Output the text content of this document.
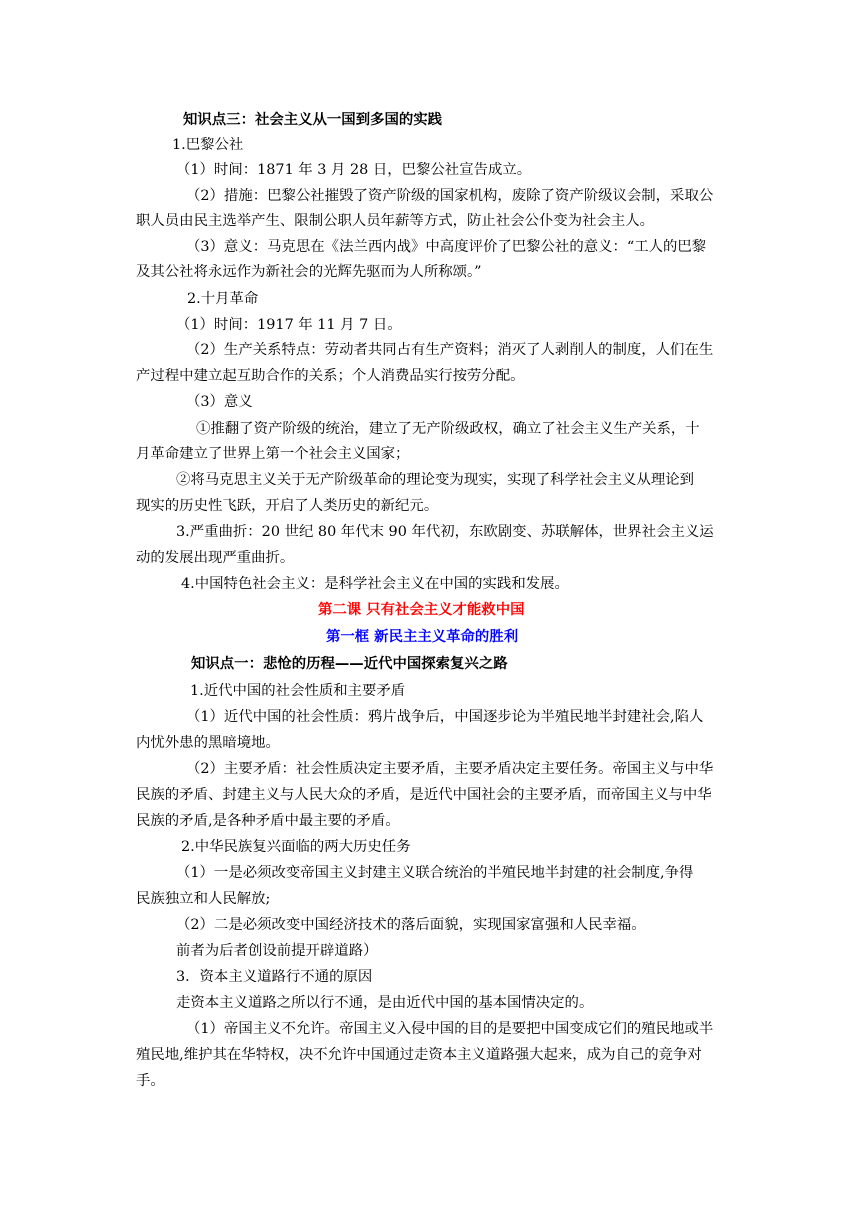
知识点三：社会主义从一国到多国的实践
1.巴黎公社
（1）时间：1871 年 3 月 28 日，巴黎公社宣告成立。
（2）措施：巴黎公社摧毁了资产阶级的国家机构，废除了资产阶级议会制，采取公
职人员由民主选举产生、限制公职人员年薪等方式，防止社会公仆变为社会主人。
（3）意义：马克思在《法兰西内战》中高度评价了巴黎公社的意义：“工人的巴黎
及其公社将永远作为新社会的光辉先驱而为人所称颂。”
2.十月革命
（1）时间：1917 年 11 月 7 日。
（2）生产关系特点：劳动者共同占有生产资料；消灭了人剥削人的制度，人们在生
产过程中建立起互助合作的关系；个人消费品实行按劳分配。
（3）意义
①推翻了资产阶级的统治，建立了无产阶级政权，确立了社会主义生产关系，十
月革命建立了世界上第一个社会主义国家；
②将马克思主义关于无产阶级革命的理论变为现实，实现了科学社会主义从理论到
现实的历史性飞跃，开启了人类历史的新纪元。
3.严重曲折：20 世纪 80 年代末 90 年代初，东欧剧变、苏联解体，世界社会主义运
动的发展出现严重曲折。
4.中国特色社会主义：是科学社会主义在中国的实践和发展。
第二课 只有社会主义才能救中国
第一框 新民主主义革命的胜利
知识点一：悲怆的历程——近代中国探索复兴之路
1.近代中国的社会性质和主要矛盾
（1）近代中国的社会性质：鸦片战争后，中国逐步论为半殖民地半封建社会,陷人
内忧外患的黑暗境地。
（2）主要矛盾：社会性质决定主要矛盾，主要矛盾决定主要任务。帝国主义与中华
民族的矛盾、封建主义与人民大众的矛盾，是近代中国社会的主要矛盾，而帝国主义与中华
民族的矛盾,是各种矛盾中最主要的矛盾。
2.中华民族复兴面临的两大历史任务
（1）一是必须改变帝国主义封建主义联合统治的半殖民地半封建的社会制度,争得
民族独立和人民解放;
（2）二是必须改变中国经济技术的落后面貌，实现国家富强和人民幸福。
前者为后者创设前提开辟道路）
3．资本主义道路行不通的原因
走资本主义道路之所以行不通，是由近代中国的基本国情决定的。
（1）帝国主义不允许。帝国主义入侵中国的目的是要把中国变成它们的殖民地或半
殖民地,维护其在华特权，决不允许中国通过走资本主义道路强大起来，成为自己的竞争对
手。
